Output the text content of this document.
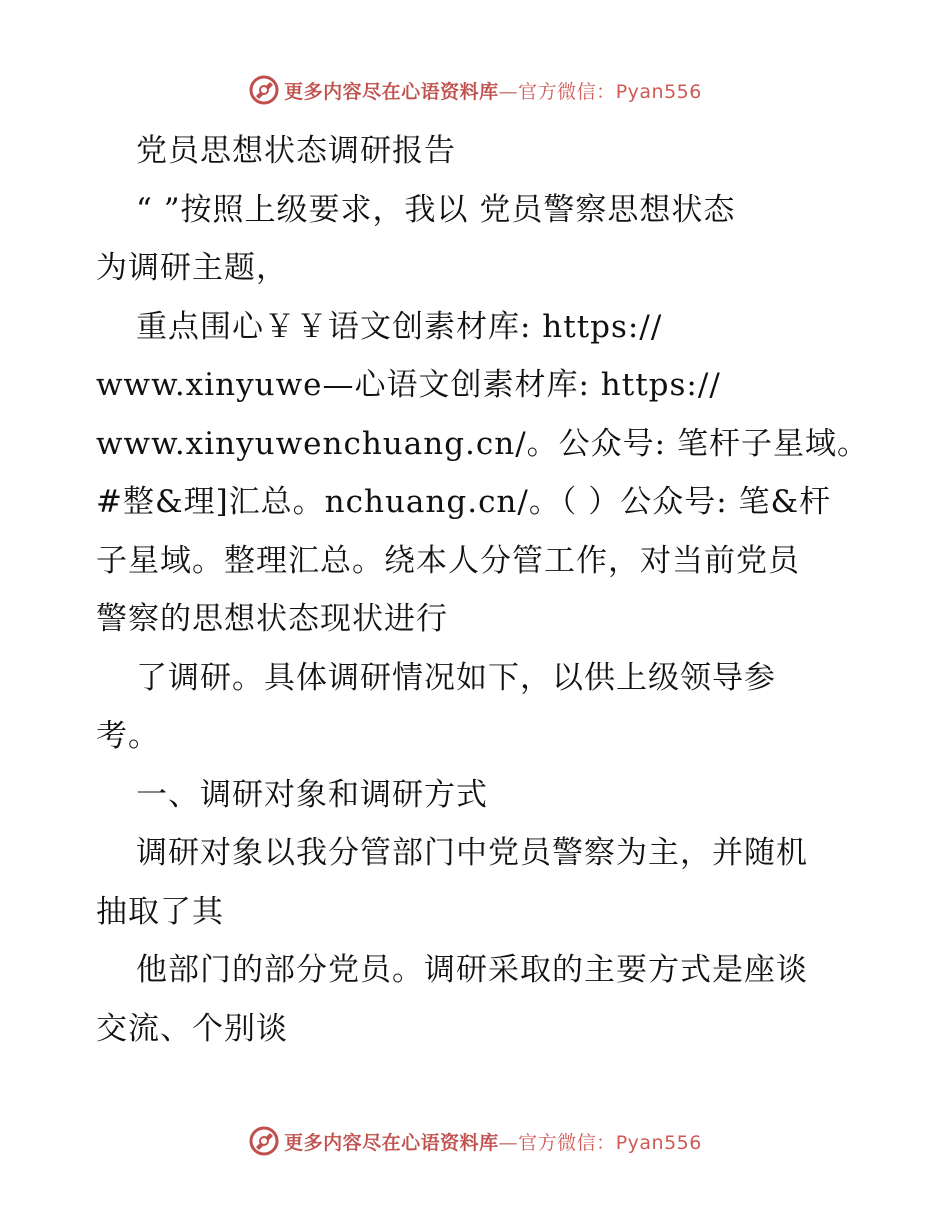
更多内容尽在心语资料库—官方微信：Pyan556
党员思想状态调研报告
“ ”按照上级要求，我以 党员警察思想状态
为调研主题，
重点围心￥￥语文创素材库: https://
www.xinyuwe—心语文创素材库: https://
www.xinyuwenchuang.cn/。公众号: 笔杆子星域。
#整&理]汇总。nchuang.cn/。（ ）公众号: 笔&杆
子星域。整理汇总。绕本人分管工作，对当前党员
警察的思想状态现状进行
了调研。具体调研情况如下，以供上级领导参
考。
一、调研对象和调研方式
调研对象以我分管部门中党员警察为主，并随机
抽取了其
他部门的部分党员。调研采取的主要方式是座谈
交流、个别谈
更多内容尽在心语资料库—官方微信：Pyan556
